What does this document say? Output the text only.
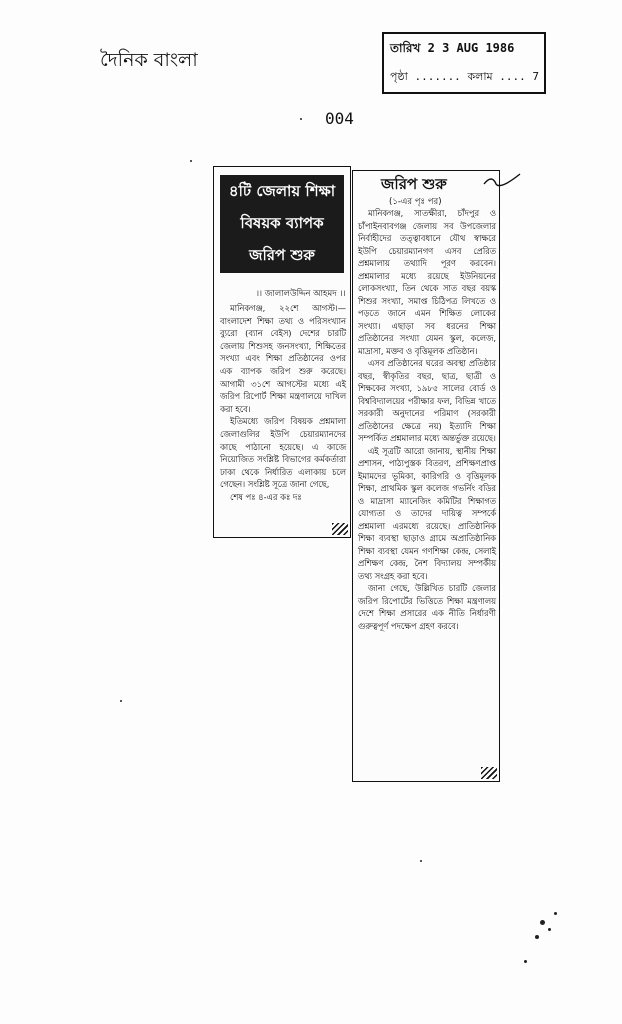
দৈনিক বাংলা
তারিখ 2 3 AUG 1986
পৃষ্ঠা ....... কলাম .... 7
004
৪টি জেলায় শিক্ষা
বিষয়ক ব্যাপক
জরিপ শুরু
।। জালালউদ্দিন আহমদ ।।

মানিকগঞ্জ, ২২শে আগস্ট।— বাংলাদেশ শিক্ষা তথ্য ও পরিসংখ্যান ব্যুরো (ব্যান বেইস) দেশের চারটি জেলায় শিশুসহ জনসংখ্যা, শিক্ষিতের সংখ্যা এবং শিক্ষা প্রতিষ্ঠানের ওপর এক ব্যাপক জরিপ শুরু করেছে। আগামী ৩১শে আগস্টের মধ্যে এই জরিপ রিপোর্ট শিক্ষা মন্ত্রণালয়ে দাখিল করা হবে।

ইতিমধ্যে জরিপ বিষয়ক প্রশ্নমালা জেলাগুলির ইউপি চেয়ারম্যানদের কাছে পাঠানো হয়েছে। এ কাজে নিয়োজিত সংশ্লিষ্ট বিভাগের কর্মকর্তারা ঢাকা থেকে নির্ধারিত এলাকায় চলে গেছেন। সংশ্লিষ্ট সূত্রে জানা গেছে,

শেষ পঃ ৪-এর কঃ দঃ

জরিপ শুরু
(১-এর পৃঃ পর)

মানিকগঞ্জ, সাতক্ষীরা, চাঁদপুর ও চাঁপাইনবাবগঞ্জ জেলায় সব উপজেলার নির্বাহীদের তত্ত্বাবধানে যৌথ স্বাক্ষরে ইউপি চেয়ারম্যানগণ এসব প্রেরিত প্রশ্নমালায় তথ্যাদি পূরণ করবেন। প্রশ্নমালার মধ্যে রয়েছে ইউনিয়নের লোকসংখ্যা, তিন থেকে সাত বছর বয়স্ক শিশুর সংখ্যা, সমাপ্ত চিঠিপত্র লিখতে ও পড়তে জানে এমন শিক্ষিত লোকের সংখ্যা। এছাড়া সব ধরনের শিক্ষা প্রতিষ্ঠানের সংখ্যা যেমন স্কুল, কলেজ, মাদ্রাসা, মক্তব ও বৃত্তিমূলক প্রতিষ্ঠান।

এসব প্রতিষ্ঠানের ঘরের অবস্থা প্রতিষ্ঠার বছর, স্বীকৃতির বছর, ছাত্র, ছাত্রী ও শিক্ষকের সংখ্যা, ১৯৮৫ সালের বোর্ড ও বিশ্ববিদ্যালয়ের পরীক্ষার ফল, বিভিন্ন খাতে সরকারী অনুদানের পরিমাণ (সরকারী প্রতিষ্ঠানের ক্ষেত্রে নয়) ইত্যাদি শিক্ষা সম্পর্কিত প্রশ্নমালার মধ্যে অন্তর্ভুক্ত রয়েছে।

এই সূত্রটি আরো জানায়, স্থানীয় শিক্ষা প্রশাসন, পাঠ্যপুস্তক বিতরণ, প্রশিক্ষণপ্রাপ্ত ইমামদের ভূমিকা, কারিগরি ও বৃত্তিমূলক শিক্ষা, প্রাথমিক স্কুল কলেজ গভর্নিং বডির ও মাদ্রাসা ম্যানেজিং কমিটির শিক্ষাগত যোগ্যতা ও তাদের দায়িত্ব সম্পর্কে প্রশ্নমালা এরমধ্যে রয়েছে। প্রাতিষ্ঠানিক শিক্ষা ব্যবস্থা ছাড়াও গ্রামে অপ্রাতিষ্ঠানিক শিক্ষা ব্যবস্থা যেমন গণশিক্ষা কেন্দ্র, সেলাই প্রশিক্ষণ কেন্দ্র, নৈশ বিদ্যালয় সম্পর্কীয় তথ্য সংগ্রহ করা হবে।

জানা গেছে, উল্লিখিত চারটি জেলার জরিপ রিপোর্টের ভিত্তিতে শিক্ষা মন্ত্রণালয় দেশে শিক্ষা প্রসারের এক নীতি নির্ধারণী গুরুত্বপূর্ণ পদক্ষেপ গ্রহণ করবে।
